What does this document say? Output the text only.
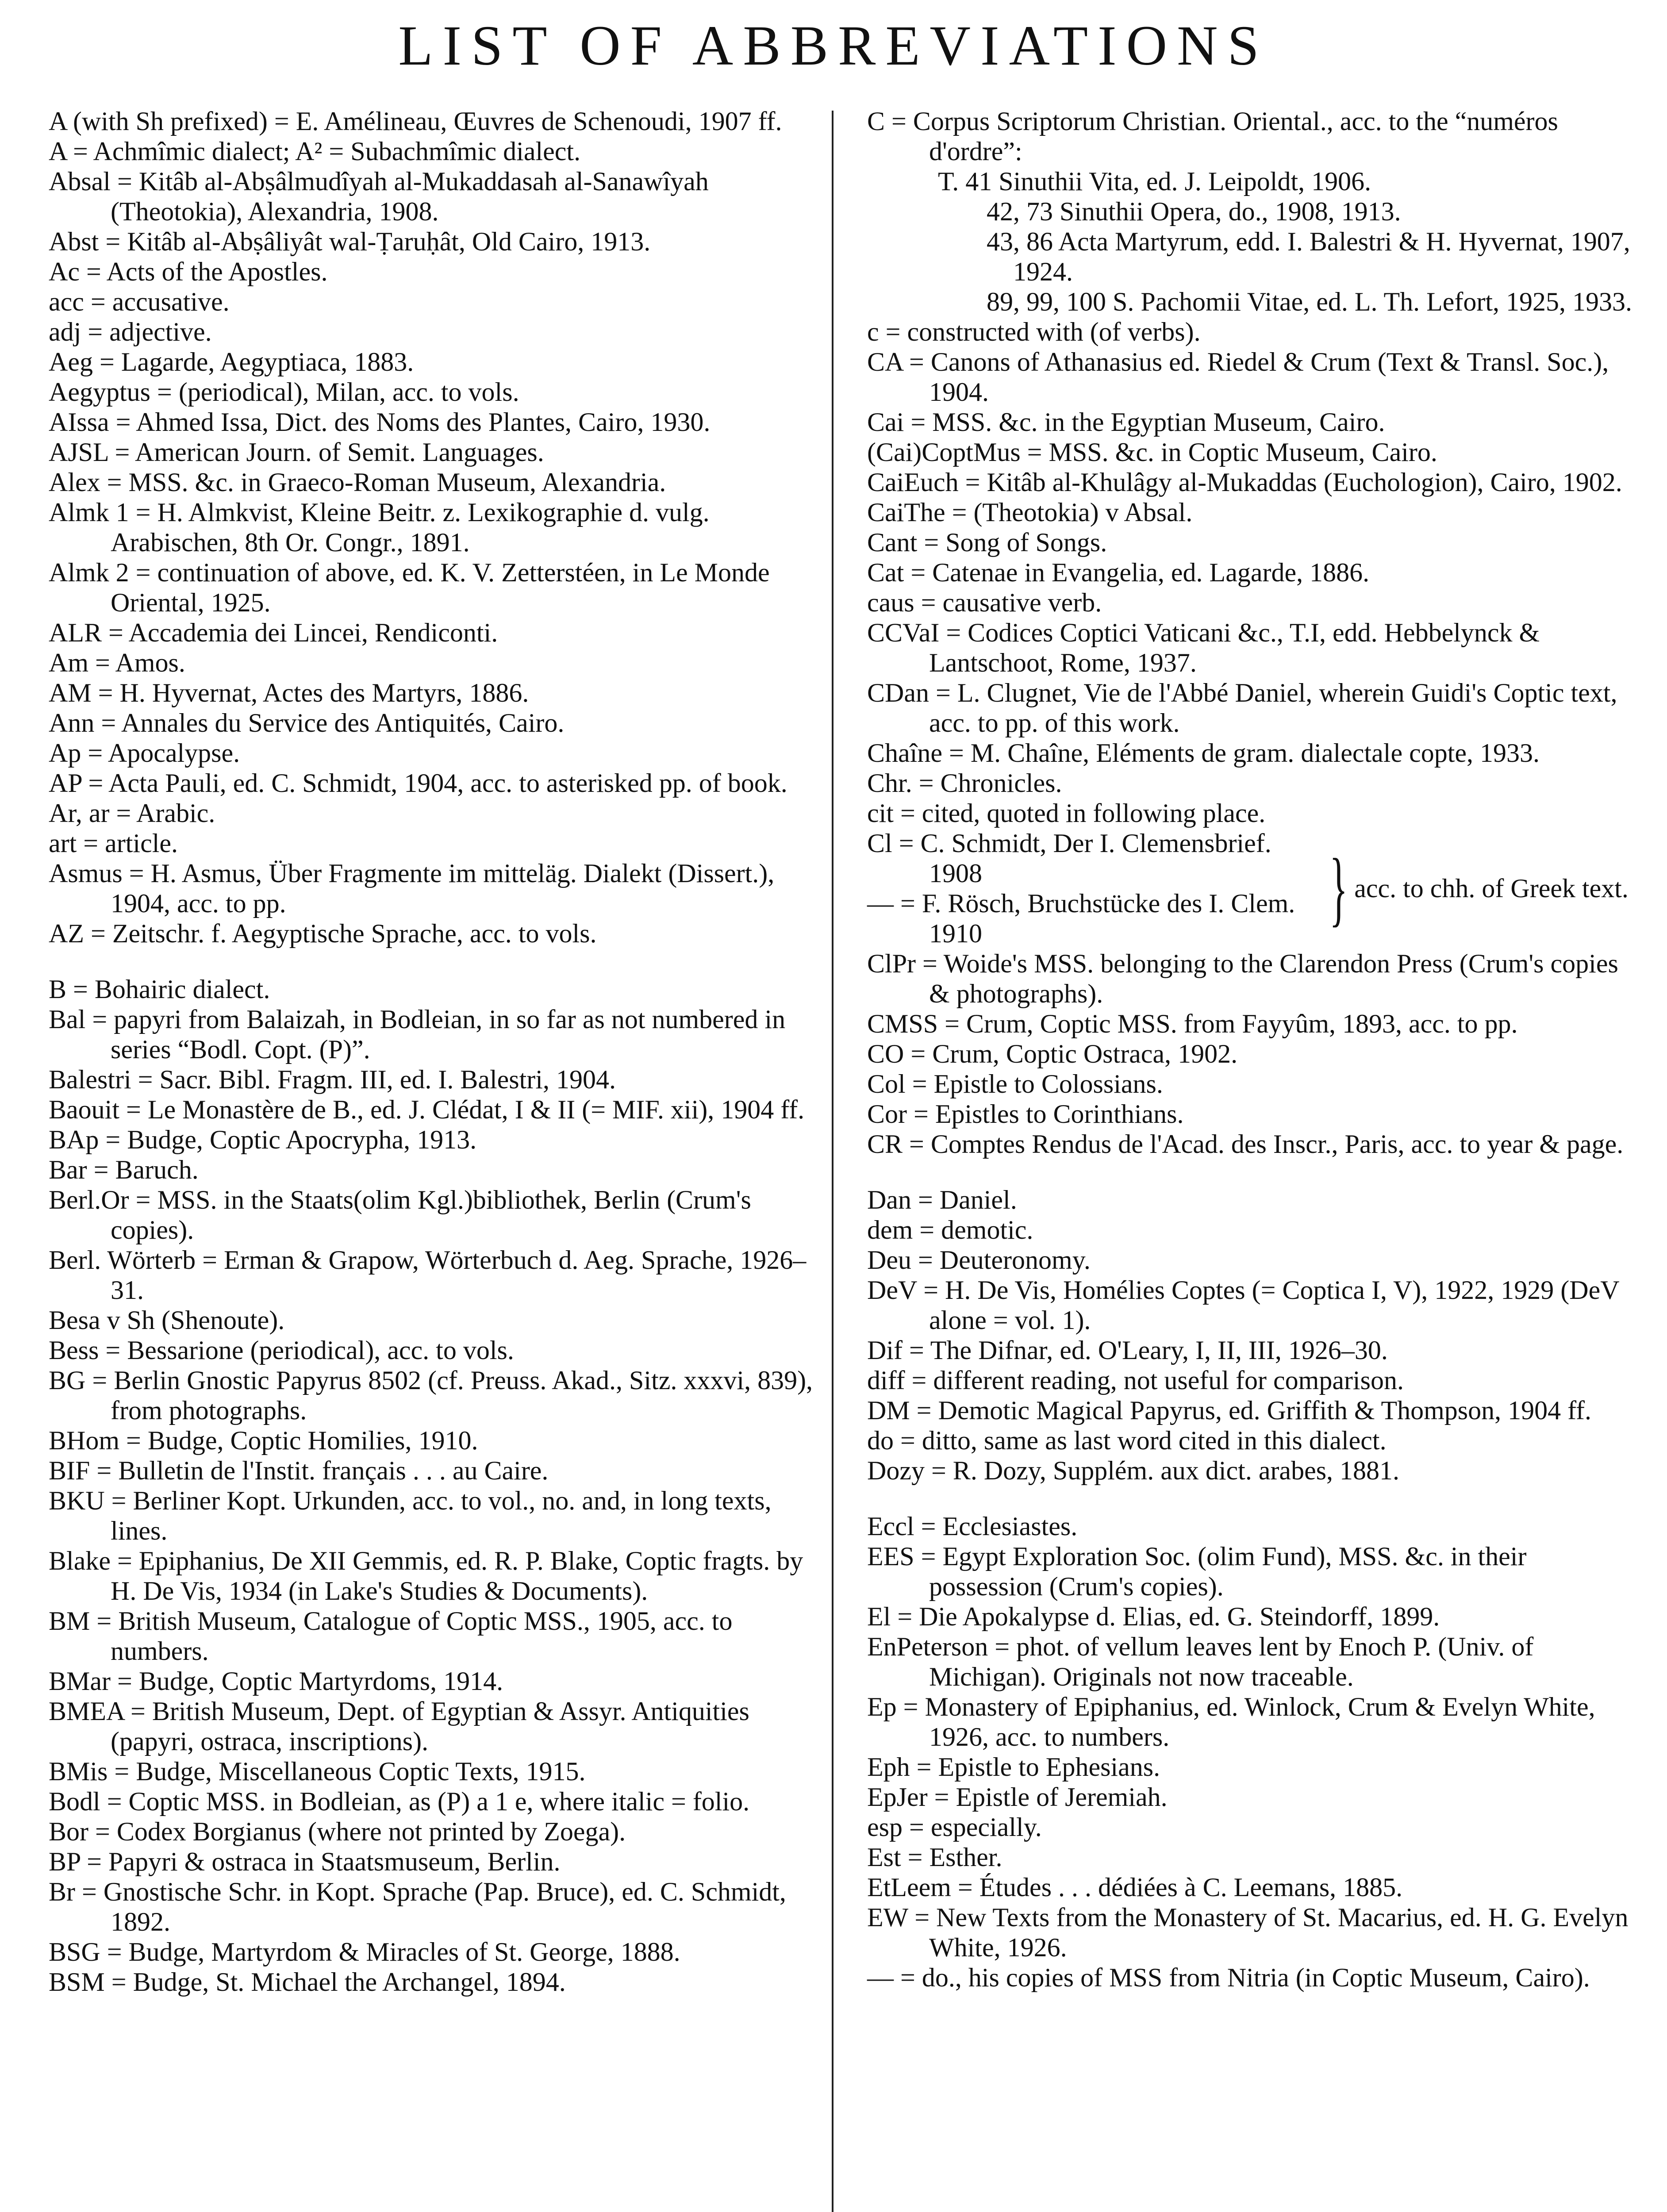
LIST OF ABBREVIATIONS

A (with Sh prefixed) = E. Amélineau, Œuvres de Schenoudi, 1907 ff.

A = Achmîmic dialect; A² = Subachmîmic dialect.

Absal = Kitâb al-Abṣâlmudîyah al-Mukaddasah al-Sanawîyah (Theotokia), Alexandria, 1908.

Abst = Kitâb al-Abṣâliyât wal-Ṭaruḥât, Old Cairo, 1913.

Ac = Acts of the Apostles.

acc = accusative.

adj = adjective.

Aeg = Lagarde, Aegyptiaca, 1883.

Aegyptus = (periodical), Milan, acc. to vols.

AIssa = Ahmed Issa, Dict. des Noms des Plantes, Cairo, 1930.

AJSL = American Journ. of Semit. Languages.

Alex = MSS. &c. in Graeco-Roman Museum, Alexandria.

Almk 1 = H. Almkvist, Kleine Beitr. z. Lexikographie d. vulg. Arabischen, 8th Or. Congr., 1891.

Almk 2 = continuation of above, ed. K. V. Zetterstéen, in Le Monde Oriental, 1925.

ALR = Accademia dei Lincei, Rendiconti.

Am = Amos.

AM = H. Hyvernat, Actes des Martyrs, 1886.

Ann = Annales du Service des Antiquités, Cairo.

Ap = Apocalypse.

AP = Acta Pauli, ed. C. Schmidt, 1904, acc. to asterisked pp. of book.

Ar, ar = Arabic.

art = article.

Asmus = H. Asmus, Über Fragmente im mitteläg. Dialekt (Dissert.), 1904, acc. to pp.

AZ = Zeitschr. f. Aegyptische Sprache, acc. to vols.

B = Bohairic dialect.

Bal = papyri from Balaizah, in Bodleian, in so far as not numbered in series “Bodl. Copt. (P)”.

Balestri = Sacr. Bibl. Fragm. III, ed. I. Balestri, 1904.

Baouit = Le Monastère de B., ed. J. Clédat, I & II (= MIF. xii), 1904 ff.

BAp = Budge, Coptic Apocrypha, 1913.

Bar = Baruch.

Berl.Or = MSS. in the Staats(olim Kgl.)bibliothek, Berlin (Crum's copies).

Berl. Wörterb = Erman & Grapow, Wörterbuch d. Aeg. Sprache, 1926–31.

Besa v Sh (Shenoute).

Bess = Bessarione (periodical), acc. to vols.

BG = Berlin Gnostic Papyrus 8502 (cf. Preuss. Akad., Sitz. xxxvi, 839), from photographs.

BHom = Budge, Coptic Homilies, 1910.

BIF = Bulletin de l'Instit. français . . . au Caire.

BKU = Berliner Kopt. Urkunden, acc. to vol., no. and, in long texts, lines.

Blake = Epiphanius, De XII Gemmis, ed. R. P. Blake, Coptic fragts. by H. De Vis, 1934 (in Lake's Studies & Documents).

BM = British Museum, Catalogue of Coptic MSS., 1905, acc. to numbers.

BMar = Budge, Coptic Martyrdoms, 1914.

BMEA = British Museum, Dept. of Egyptian & Assyr. Antiquities (papyri, ostraca, inscriptions).

BMis = Budge, Miscellaneous Coptic Texts, 1915.

Bodl = Coptic MSS. in Bodleian, as (P) a 1 e, where italic = folio.

Bor = Codex Borgianus (where not printed by Zoega).

BP = Papyri & ostraca in Staatsmuseum, Berlin.

Br = Gnostische Schr. in Kopt. Sprache (Pap. Bruce), ed. C. Schmidt, 1892.

BSG = Budge, Martyrdom & Miracles of St. George, 1888.

BSM = Budge, St. Michael the Archangel, 1894.

C = Corpus Scriptorum Christian. Oriental., acc. to the “numéros d'ordre”:

T. 41 Sinuthii Vita, ed. J. Leipoldt, 1906.

42, 73 Sinuthii Opera, do., 1908, 1913.

43, 86 Acta Martyrum, edd. I. Balestri & H. Hyvernat, 1907, 1924.

89, 99, 100 S. Pachomii Vitae, ed. L. Th. Lefort, 1925, 1933.

c = constructed with (of verbs).

CA = Canons of Athanasius ed. Riedel & Crum (Text & Transl. Soc.), 1904.

Cai = MSS. &c. in the Egyptian Museum, Cairo.

(Cai)CoptMus = MSS. &c. in Coptic Museum, Cairo.

CaiEuch = Kitâb al-Khulâgy al-Mukaddas (Euchologion), Cairo, 1902.

CaiThe = (Theotokia) v Absal.

Cant = Song of Songs.

Cat = Catenae in Evangelia, ed. Lagarde, 1886.

caus = causative verb.

CCVaI = Codices Coptici Vaticani &c., T.I, edd. Hebbelynck & Lantschoot, Rome, 1937.

CDan = L. Clugnet, Vie de l'Abbé Daniel, wherein Guidi's Coptic text, acc. to pp. of this work.

Chaîne = M. Chaîne, Eléments de gram. dialectale copte, 1933.

Chr. = Chronicles.

cit = cited, quoted in following place.

Cl = C. Schmidt, Der I. Clemensbrief. 1908

— = F. Rösch, Bruchstücke des I. Clem. 1910	} acc. to chh. of Greek text.

ClPr = Woide's MSS. belonging to the Clarendon Press (Crum's copies & photographs).

CMSS = Crum, Coptic MSS. from Fayyûm, 1893, acc. to pp.

CO = Crum, Coptic Ostraca, 1902.

Col = Epistle to Colossians.

Cor = Epistles to Corinthians.

CR = Comptes Rendus de l'Acad. des Inscr., Paris, acc. to year & page.

Dan = Daniel.

dem = demotic.

Deu = Deuteronomy.

DeV = H. De Vis, Homélies Coptes (= Coptica I, V), 1922, 1929 (DeV alone = vol. 1).

Dif = The Difnar, ed. O'Leary, I, II, III, 1926–30.

diff = different reading, not useful for comparison.

DM = Demotic Magical Papyrus, ed. Griffith & Thompson, 1904 ff.

do = ditto, same as last word cited in this dialect.

Dozy = R. Dozy, Supplém. aux dict. arabes, 1881.

Eccl = Ecclesiastes.

EES = Egypt Exploration Soc. (olim Fund), MSS. &c. in their possession (Crum's copies).

El = Die Apokalypse d. Elias, ed. G. Steindorff, 1899.

EnPeterson = phot. of vellum leaves lent by Enoch P. (Univ. of Michigan). Originals not now traceable.

Ep = Monastery of Epiphanius, ed. Winlock, Crum & Evelyn White, 1926, acc. to numbers.

Eph = Epistle to Ephesians.

EpJer = Epistle of Jeremiah.

esp = especially.

Est = Esther.

EtLeem = Études . . . dédiées à C. Leemans, 1885.

EW = New Texts from the Monastery of St. Macarius, ed. H. G. Evelyn White, 1926.

— = do., his copies of MSS from Nitria (in Coptic Museum, Cairo).
